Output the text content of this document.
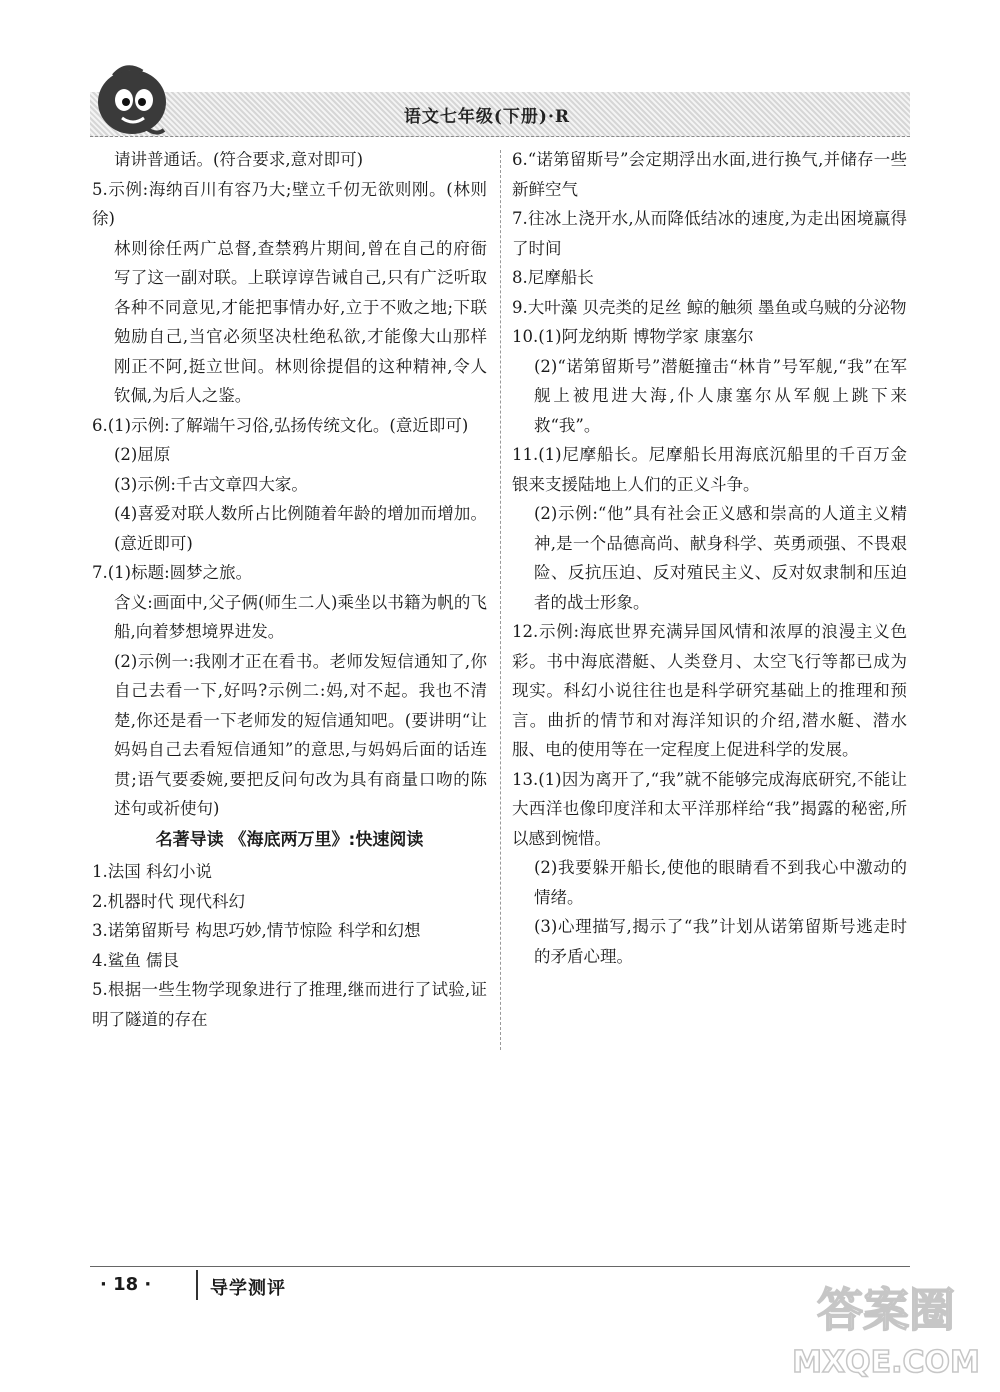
语文七年级(下册)·R

请讲普通话。(符合要求,意对即可)

5.示例:海纳百川有容乃大;壁立千仞无欲则刚。(林则徐)

林则徐任两广总督,查禁鸦片期间,曾在自己的府衙写了这一副对联。上联谆谆告诫自己,只有广泛听取各种不同意见,才能把事情办好,立于不败之地;下联勉励自己,当官必须坚决杜绝私欲,才能像大山那样刚正不阿,挺立世间。林则徐提倡的这种精神,令人钦佩,为后人之鉴。

6.(1)示例:了解端午习俗,弘扬传统文化。(意近即可)

(2)屈原

(3)示例:千古文章四大家。

(4)喜爱对联人数所占比例随着年龄的增加而增加。(意近即可)

7.(1)标题:圆梦之旅。

含义:画面中,父子俩(师生二人)乘坐以书籍为帆的飞船,向着梦想境界进发。

(2)示例一:我刚才正在看书。老师发短信通知了,你自己去看一下,好吗?示例二:妈,对不起。我也不清楚,你还是看一下老师发的短信通知吧。(要讲明“让妈妈自己去看短信通知”的意思,与妈妈后面的话连贯;语气要委婉,要把反问句改为具有商量口吻的陈述句或祈使句)

名著导读 《海底两万里》:快速阅读

1.法国 科幻小说

2.机器时代 现代科幻

3.诺第留斯号 构思巧妙,情节惊险 科学和幻想

4.鲨鱼 儒艮

5.根据一些生物学现象进行了推理,继而进行了试验,证明了隧道的存在

6.“诺第留斯号”会定期浮出水面,进行换气,并储存一些新鲜空气

7.往冰上浇开水,从而降低结冰的速度,为走出困境赢得了时间

8.尼摩船长

9.大叶藻 贝壳类的足丝 鲸的触须 墨鱼或乌贼的分泌物

10.(1)阿龙纳斯 博物学家 康塞尔

(2)“诺第留斯号”潜艇撞击“林肯”号军舰,“我”在军舰上被甩进大海,仆人康塞尔从军舰上跳下来救“我”。

11.(1)尼摩船长。尼摩船长用海底沉船里的千百万金银来支援陆地上人们的正义斗争。

(2)示例:“他”具有社会正义感和崇高的人道主义精神,是一个品德高尚、献身科学、英勇顽强、不畏艰险、反抗压迫、反对殖民主义、反对奴隶制和压迫者的战士形象。

12.示例:海底世界充满异国风情和浓厚的浪漫主义色彩。书中海底潜艇、人类登月、太空飞行等都已成为现实。科幻小说往往也是科学研究基础上的推理和预言。曲折的情节和对海洋知识的介绍,潜水艇、潜水服、电的使用等在一定程度上促进科学的发展。

13.(1)因为离开了,“我”就不能够完成海底研究,不能让大西洋也像印度洋和太平洋那样给“我”揭露的秘密,所以感到惋惜。

(2)我要躲开船长,使他的眼睛看不到我心中激动的情绪。

(3)心理描写,揭示了“我”计划从诺第留斯号逃走时的矛盾心理。

· 18 ·	导学测评	答案圈
MXQE.COM
